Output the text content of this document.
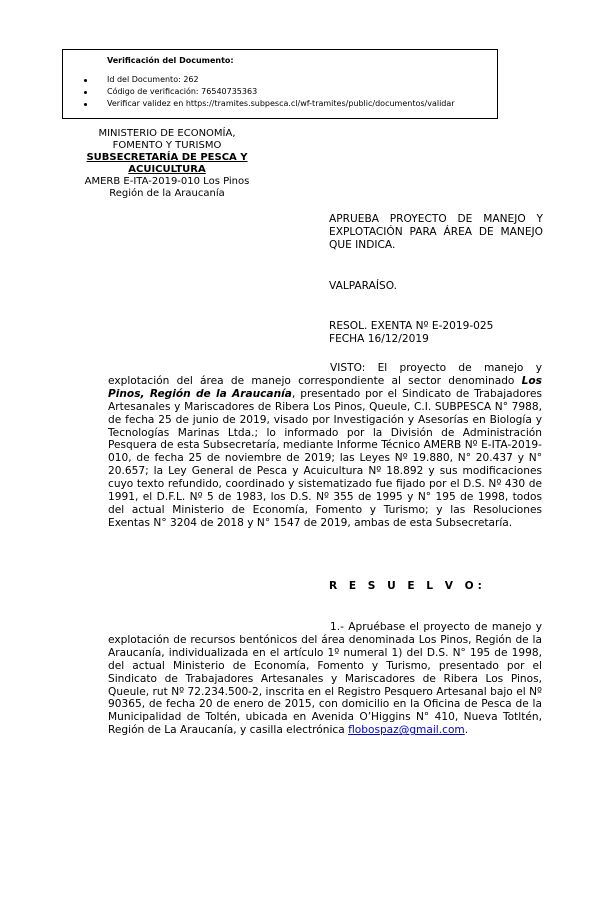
Verificación del Documento:
Id del Documento: 262
Código de verificación: 76540735363
Verificar validez en https://tramites.subpesca.cl/wf-tramites/public/documentos/validar
MINISTERIO DE ECONOMÍA,
FOMENTO Y TURISMO
SUBSECRETARÍA DE PESCA Y
ACUICULTURA
AMERB E-ITA-2019-010 Los Pinos
Región de la Araucanía
APRUEBA PROYECTO DE MANEJO Y EXPLOTACIÓN PARA ÁREA DE MANEJO QUE INDICA.
VALPARAÍSO.
RESOL. EXENTA Nº E-2019-025
FECHA 16/12/2019
VISTO: El proyecto de manejo y explotación del área de manejo correspondiente al sector denominado Los Pinos, Región de la Araucanía, presentado por el Sindicato de Trabajadores Artesanales y Mariscadores de Ribera Los Pinos, Queule, C.I. SUBPESCA N° 7988, de fecha 25 de junio de 2019, visado por Investigación y Asesorías en Biología y Tecnologías Marinas Ltda.; lo informado por la División de Administración Pesquera de esta Subsecretaría, mediante Informe Técnico AMERB Nº E-ITA-2019-010, de fecha 25 de noviembre de 2019; las Leyes Nº 19.880, N° 20.437 y N° 20.657; la Ley General de Pesca y Acuicultura Nº 18.892 y sus modificaciones cuyo texto refundido, coordinado y sistematizado fue fijado por el D.S. Nº 430 de 1991, el D.F.L. Nº 5 de 1983, los D.S. Nº 355 de 1995 y N° 195 de 1998, todos del actual Ministerio de Economía, Fomento y Turismo; y las Resoluciones Exentas N° 3204 de 2018 y N° 1547 de 2019, ambas de esta Subsecretaría.
R E S U E L V O:
1.- Apruébase el proyecto de manejo y explotación de recursos bentónicos del área denominada Los Pinos, Región de la Araucanía, individualizada en el artículo 1º numeral 1) del D.S. N° 195 de 1998, del actual Ministerio de Economía, Fomento y Turismo, presentado por el Sindicato de Trabajadores Artesanales y Mariscadores de Ribera Los Pinos, Queule, rut Nº 72.234.500-2, inscrita en el Registro Pesquero Artesanal bajo el Nº 90365, de fecha 20 de enero de 2015, con domicilio en la Oficina de Pesca de la Municipalidad de Toltén, ubicada en Avenida O’Higgins N° 410, Nueva Totltén, Región de La Araucanía, y casilla electrónica flobospaz@gmail.com.
